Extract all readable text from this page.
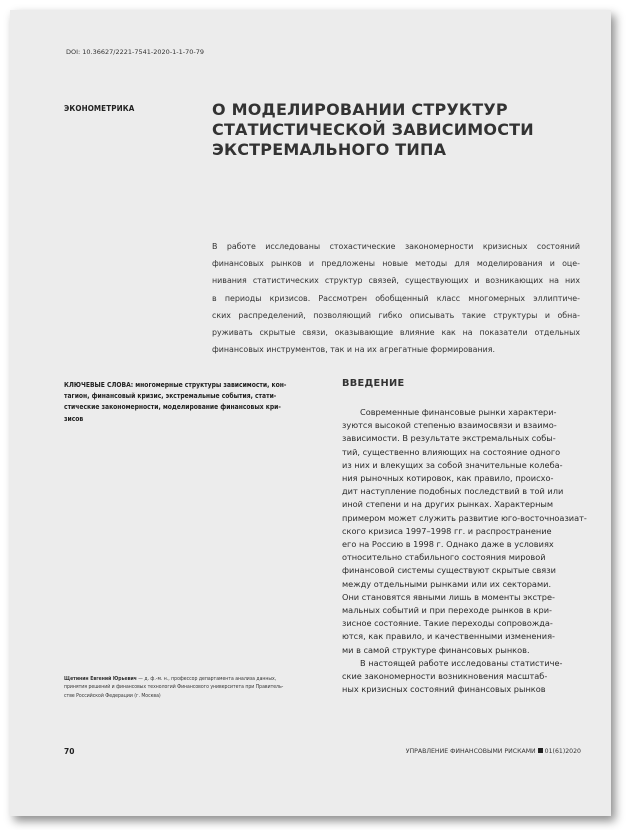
DOI: 10.36627/2221-7541-2020-1-1-70-79
ЭКОНОМЕТРИКА	О МОДЕЛИРОВАНИИ СТРУКТУР
СТАТИСТИЧЕСКОЙ ЗАВИСИМОСТИ
ЭКСТРЕМАЛЬНОГО ТИПА
В работе исследованы стохастические закономерности кризисных состояний
финансовых рынков и предложены новые методы для моделирования и оце-
нивания статистических структур связей, существующих и возникающих на них
в периоды кризисов. Рассмотрен обобщенный класс многомерных эллиптиче-
ских распределений, позволяющий гибко описывать такие структуры и обна-
руживать скрытые связи, оказывающие влияние как на показатели отдельных
финансовых инструментов, так и на их агрегатные формирования.
КЛЮЧЕВЫЕ СЛОВА: многомерные структуры зависимости, кон-
тагион, финансовый кризис, экстремальные события, стати-
стические закономерности, моделирование финансовых кри-
зисов
ВВЕДЕНИЕ
Современные финансовые рынки характери-
зуются высокой степенью взаимосвязи и взаимо-
зависимости. В результате экстремальных собы-
тий, существенно влияющих на состояние одного
из них и влекущих за собой значительные колеба-
ния рыночных котировок, как правило, происхо-
дит наступление подобных последствий в той или
иной степени и на других рынках. Характерным
примером может служить развитие юго-восточноазиат-
ского кризиса 1997–1998 гг. и распространение
его на Россию в 1998 г. Однако даже в условиях
относительно стабильного состояния мировой
финансовой системы существуют скрытые связи
между отдельными рынками или их секторами.
Они становятся явными лишь в моменты экстре-
мальных событий и при переходе рынков в кри-
зисное состояние. Такие переходы сопровожда-
ются, как правило, и качественными изменения-
ми в самой структуре финансовых рынков.
В настоящей работе исследованы статистиче-
ские закономерности возникновения масштаб-
ных кризисных состояний финансовых рынков
Щетинин Евгений Юрьевич — д. ф.-м. н., профессор департамента анализа данных,
принятия решений и финансовых технологий Финансового университета при Правитель-
стве Российской Федерации (г. Москва)
70	УПРАВЛЕНИЕ ФИНАНСОВЫМИ РИСКАМИ 01(61)2020
